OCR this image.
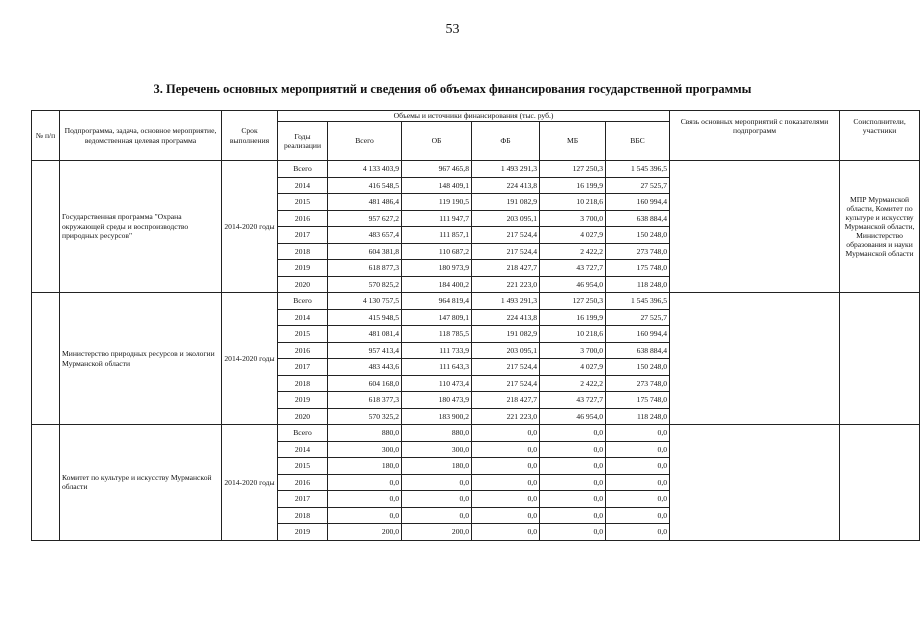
53
3. Перечень основных мероприятий и сведения об объемах финансирования государственной программы
№ п/п	Подпрограмма, задача, основное мероприятие, ведомственная целевая программа	Срок выполнения	Объемы и источники финансирования (тыс. руб.)						Связь основных мероприятий с показателями подпрограмм	Соисполнители, участники
			Годы реализации	Всего	ОБ	ФБ	МБ	ВБС		
	Государственная программа "Охрана окружающей среды и воспроизводство природных ресурсов"	2014-2020 годы	Всего	4 133 403,9	967 465,8	1 493 291,3	127 250,3	1 545 396,5		МПР Мурманской области, Комитет по культуре и искусству Мурманской области, Министерство образования и науки Мурманской области
			2014	416 548,5	148 409,1	224 413,8	16 199,9	27 525,7		
			2015	481 486,4	119 190,5	191 082,9	10 218,6	160 994,4		
			2016	957 627,2	111 947,7	203 095,1	3 700,0	638 884,4		
			2017	483 657,4	111 857,1	217 524,4	4 027,9	150 248,0		
			2018	604 381,8	110 687,2	217 524,4	2 422,2	273 748,0		
			2019	618 877,3	180 973,9	218 427,7	43 727,7	175 748,0		
			2020	570 825,2	184 400,2	221 223,0	46 954,0	118 248,0		
	Министерство природных ресурсов и экологии Мурманской области	2014-2020 годы	Всего	4 130 757,5	964 819,4	1 493 291,3	127 250,3	1 545 396,5		
			2014	415 948,5	147 809,1	224 413,8	16 199,9	27 525,7		
			2015	481 081,4	118 785,5	191 082,9	10 218,6	160 994,4		
			2016	957 413,4	111 733,9	203 095,1	3 700,0	638 884,4		
			2017	483 443,6	111 643,3	217 524,4	4 027,9	150 248,0		
			2018	604 168,0	110 473,4	217 524,4	2 422,2	273 748,0		
			2019	618 377,3	180 473,9	218 427,7	43 727,7	175 748,0		
			2020	570 325,2	183 900,2	221 223,0	46 954,0	118 248,0		
	Комитет по культуре и искусству Мурманской области	2014-2020 годы	Всего	880,0	880,0	0,0	0,0	0,0		
			2014	300,0	300,0	0,0	0,0	0,0		
			2015	180,0	180,0	0,0	0,0	0,0		
			2016	0,0	0,0	0,0	0,0	0,0		
			2017	0,0	0,0	0,0	0,0	0,0		
			2018	0,0	0,0	0,0	0,0	0,0		
			2019	200,0	200,0	0,0	0,0	0,0		
